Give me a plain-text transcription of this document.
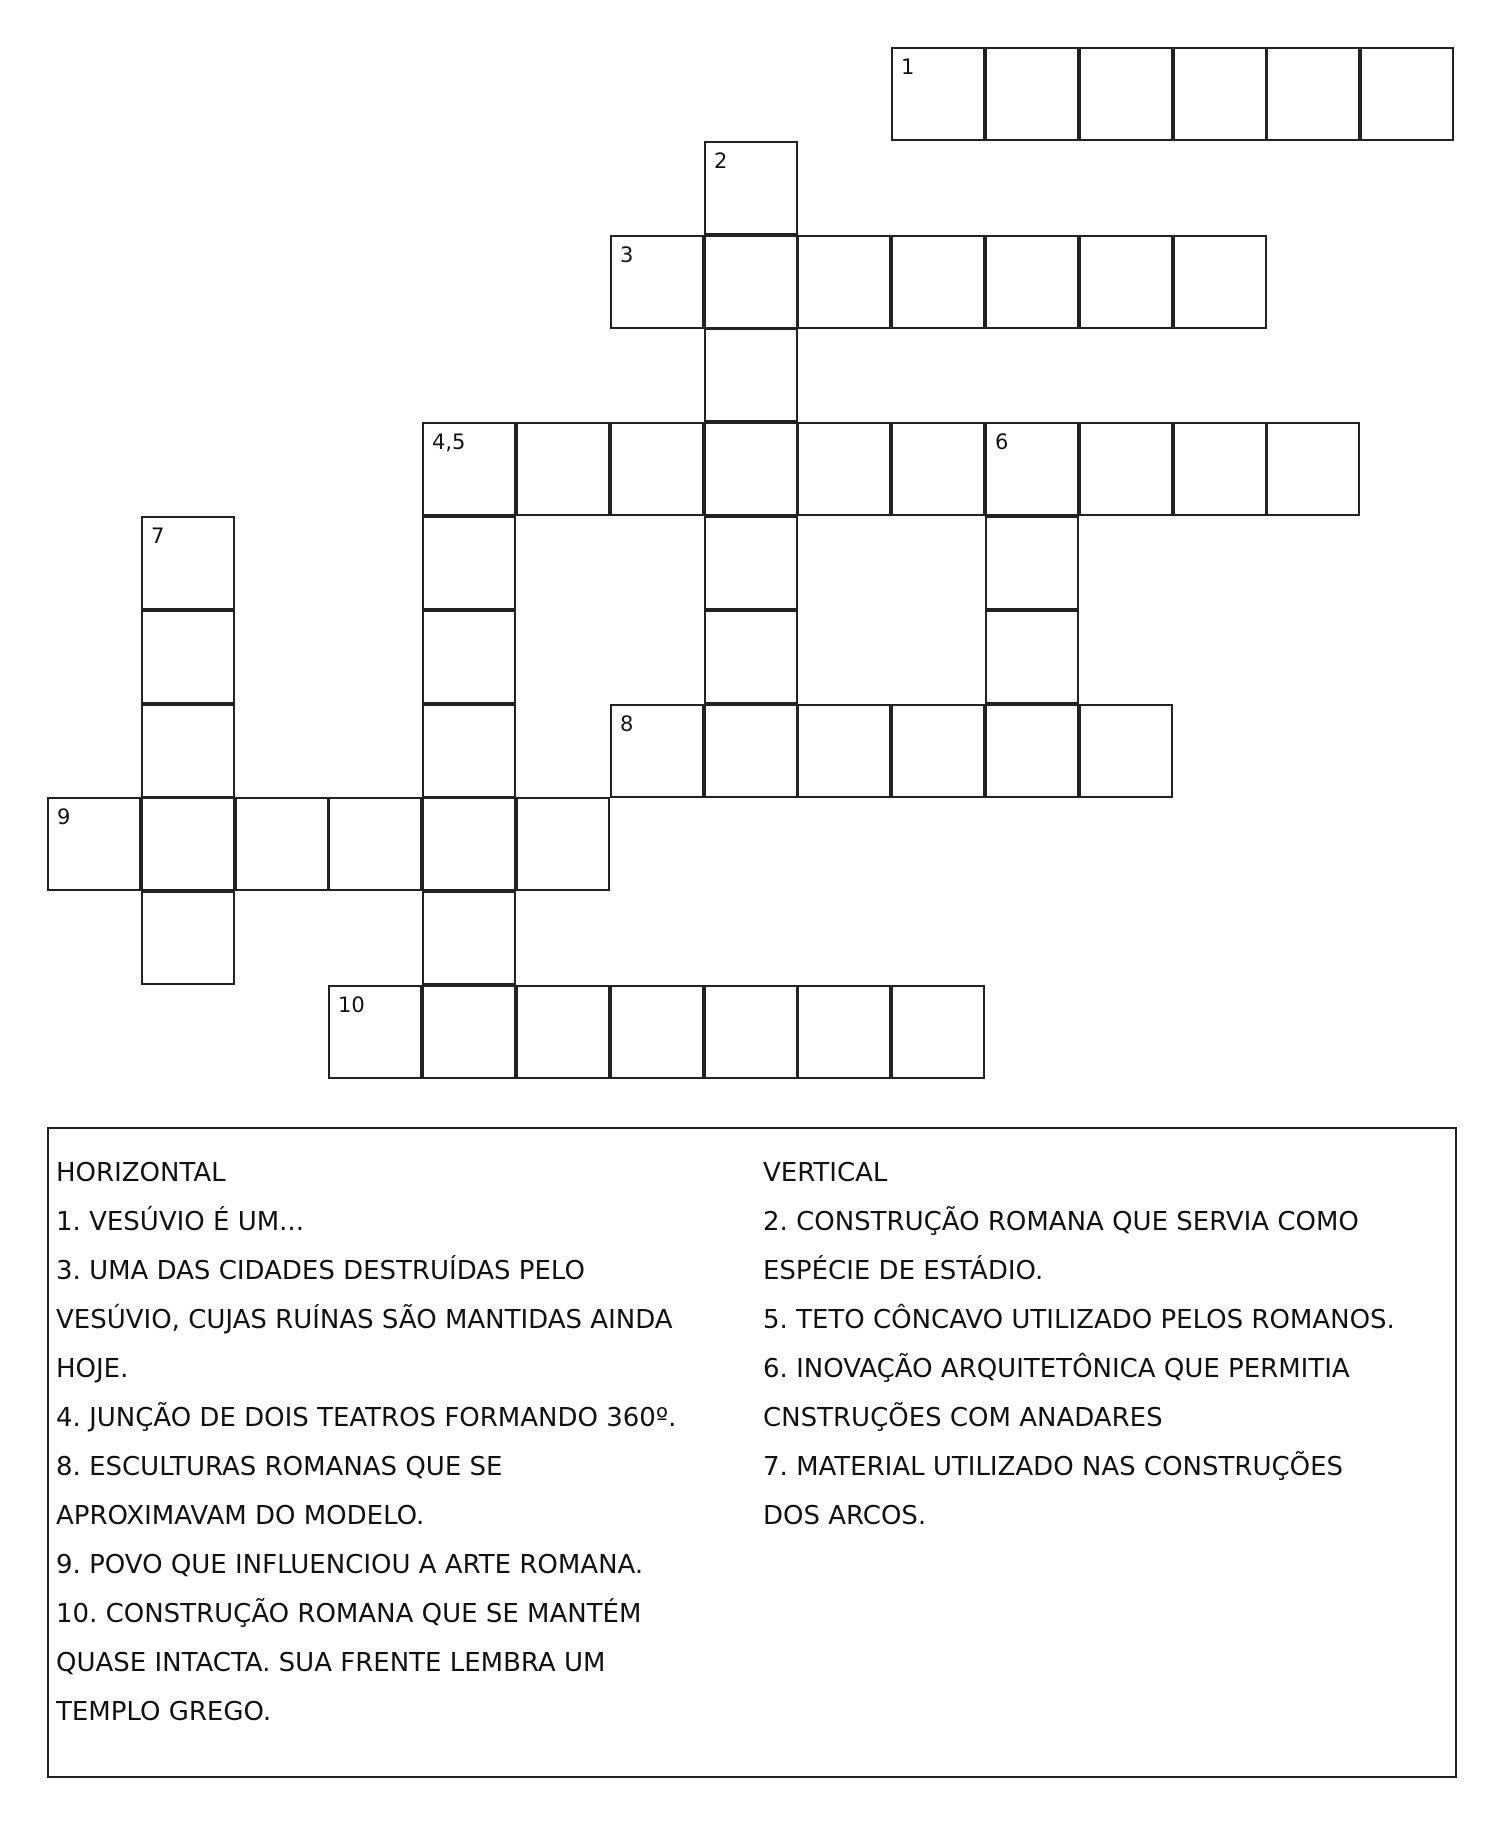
1
2
3
4,5	6
7
8
9
10
HORIZONTAL
1. VESÚVIO É UM...
3. UMA DAS CIDADES DESTRUÍDAS PELO
VESÚVIO, CUJAS RUÍNAS SÃO MANTIDAS AINDA
HOJE.
4. JUNÇÃO DE DOIS TEATROS FORMANDO 360º.
8. ESCULTURAS ROMANAS QUE SE
APROXIMAVAM DO MODELO.
9. POVO QUE INFLUENCIOU A ARTE ROMANA.
10. CONSTRUÇÃO ROMANA QUE SE MANTÉM
QUASE INTACTA. SUA FRENTE LEMBRA UM
TEMPLO GREGO.
VERTICAL
2. CONSTRUÇÃO ROMANA QUE SERVIA COMO
ESPÉCIE DE ESTÁDIO.
5. TETO CÔNCAVO UTILIZADO PELOS ROMANOS.
6. INOVAÇÃO ARQUITETÔNICA QUE PERMITIA
CNSTRUÇÕES COM ANADARES
7. MATERIAL UTILIZADO NAS CONSTRUÇÕES
DOS ARCOS.
